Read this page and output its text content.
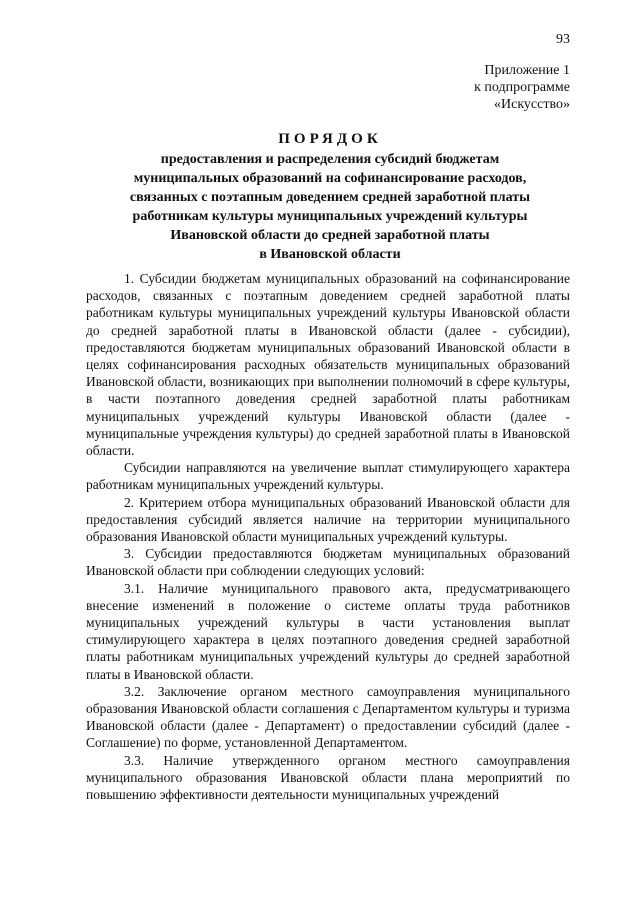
93
Приложение 1
к подпрограмме
«Искусство»
ПОРЯДОК
предоставления и распределения субсидий бюджетам
муниципальных образований на софинансирование расходов,
связанных с поэтапным доведением средней заработной платы
работникам культуры муниципальных учреждений культуры
Ивановской области до средней заработной платы
в Ивановской области

1. Субсидии бюджетам муниципальных образований на софинансирование расходов, связанных с поэтапным доведением средней заработной платы работникам культуры муниципальных учреждений культуры Ивановской области до средней заработной платы в Ивановской области (далее - субсидии), предоставляются бюджетам муниципальных образований Ивановской области в целях софинансирования расходных обязательств муниципальных образований Ивановской области, возникающих при выполнении полномочий в сфере культуры, в части поэтапного доведения средней заработной платы работникам муниципальных учреждений культуры Ивановской области (далее - муниципальные учреждения культуры) до средней заработной платы в Ивановской области.

Субсидии направляются на увеличение выплат стимулирующего характера работникам муниципальных учреждений культуры.

2. Критерием отбора муниципальных образований Ивановской области для предоставления субсидий является наличие на территории муниципального образования Ивановской области муниципальных учреждений культуры.

3. Субсидии предоставляются бюджетам муниципальных образований Ивановской области при соблюдении следующих условий:

3.1. Наличие муниципального правового акта, предусматривающего внесение изменений в положение о системе оплаты труда работников муниципальных учреждений культуры в части установления выплат стимулирующего характера в целях поэтапного доведения средней заработной платы работникам муниципальных учреждений культуры до средней заработной платы в Ивановской области.

3.2. Заключение органом местного самоуправления муниципального образования Ивановской области соглашения с Департаментом культуры и туризма Ивановской области (далее - Департамент) о предоставлении субсидий (далее - Соглашение) по форме, установленной Департаментом.

3.3. Наличие утвержденного органом местного самоуправления муниципального образования Ивановской области плана мероприятий по повышению эффективности деятельности муниципальных учреждений
